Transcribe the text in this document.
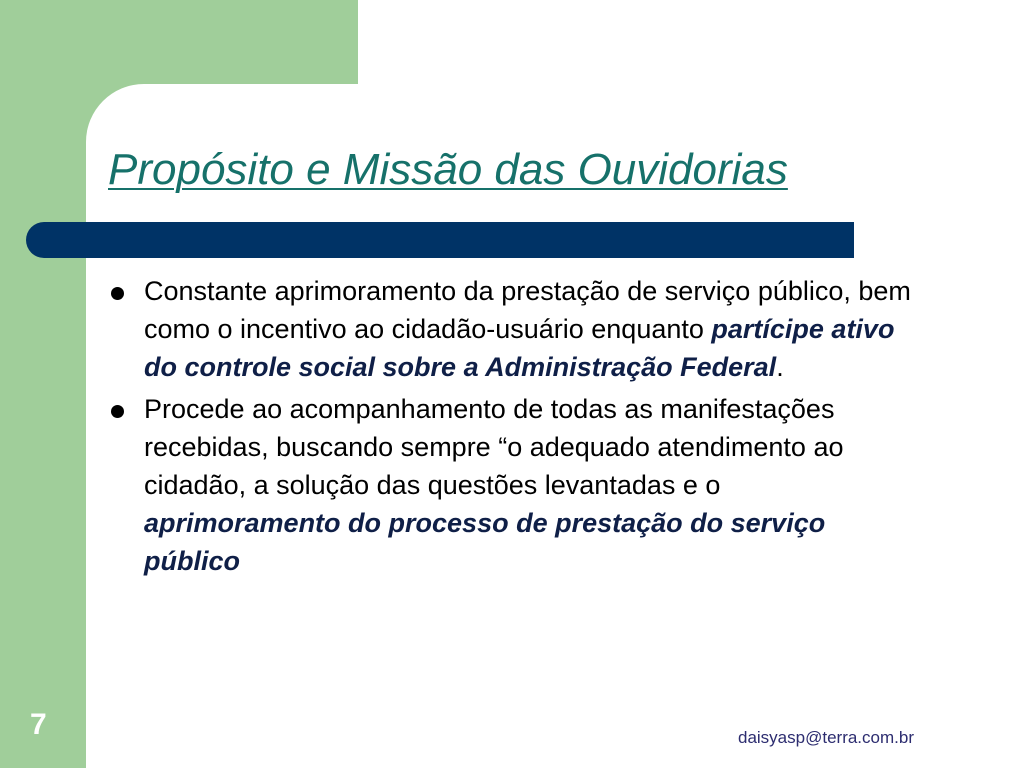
Propósito e Missão das Ouvidorias
Constante aprimoramento da prestação de serviço público, bem como o incentivo ao cidadão-usuário enquanto partícipe ativo do controle social sobre a Administração Federal.
Procede ao acompanhamento de todas as manifestações recebidas, buscando sempre “o adequado atendimento ao cidadão, a solução das questões levantadas e o aprimoramento do processo de prestação do serviço público
7	daisyasp@terra.com.br
